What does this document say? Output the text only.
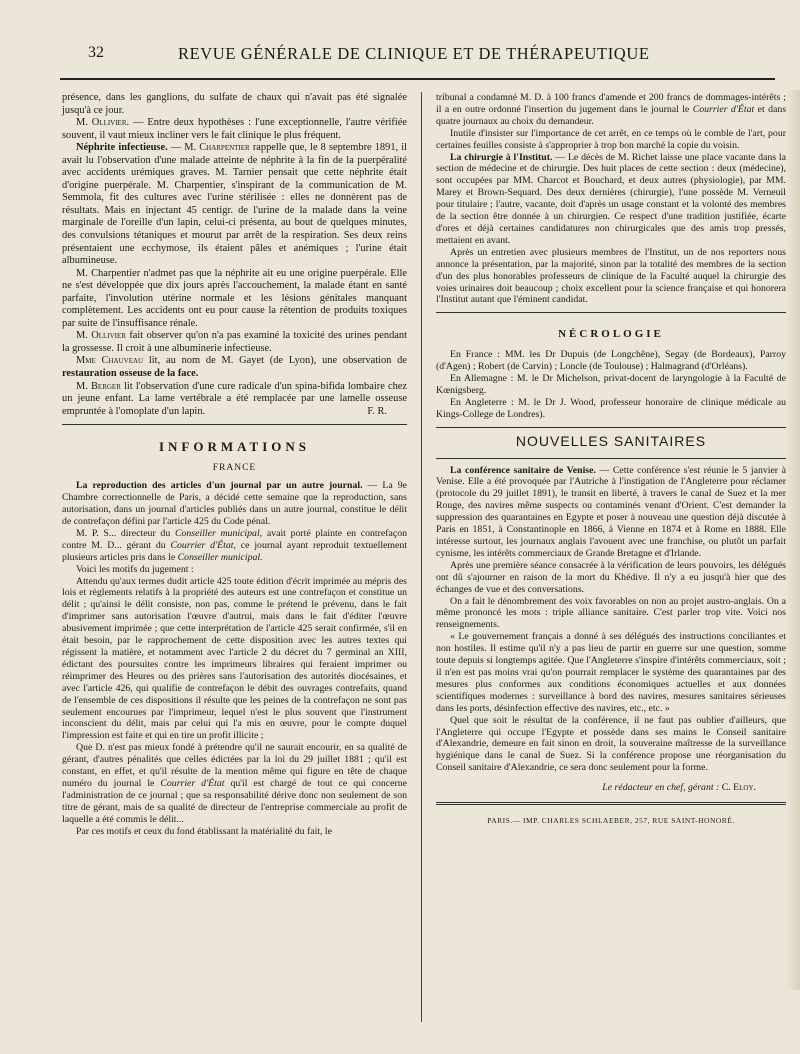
32	REVUE GÉNÉRALE DE CLINIQUE ET DE THÉRAPEUTIQUE

présence, dans les ganglions, du sulfate de chaux qui n'avait pas été signalée jusqu'à ce jour.

M. Ollivier. — Entre deux hypothèses : l'une exceptionnelle, l'autre vérifiée souvent, il vaut mieux incliner vers le fait clinique le plus fréquent.

Néphrite infectieuse. — M. Charpentier rappelle que, le 8 septembre 1891, il avait lu l'observation d'une malade atteinte de néphrite à la fin de la puerpéralité avec accidents urémiques graves. M. Tarnier pensait que cette néphrite était d'origine puerpérale. M. Charpentier, s'inspirant de la communication de M. Semmola, fit des cultures avec l'urine stérilisée : elles ne donnèrent pas de résultats. Mais en injectant 45 centigr. de l'urine de la malade dans la veine marginale de l'oreille d'un lapin, celui-ci présenta, au bout de quelques minutes, des convulsions tétaniques et mourut par arrêt de la respiration. Ses deux reins présentaient une ecchymose, ils étaient pâles et anémiques ; l'urine était albumineuse.

M. Charpentier n'admet pas que la néphrite ait eu une origine puerpérale. Elle ne s'est développée que dix jours après l'accouchement, la malade étant en santé parfaite, l'involution utérine normale et les lésions génitales manquant complètement. Les accidents ont eu pour cause la rétention de produits toxiques par suite de l'insuffisance rénale.

M. Ollivier fait observer qu'on n'a pas examiné la toxicité des urines pendant la grossesse. Il croit à une albuminerie infectieuse.

Mme Chauveau lit, au nom de M. Gayet (de Lyon), une observation de restauration osseuse de la face.

M. Berger lit l'observation d'une cure radicale d'un spina-bifida lombaire chez un jeune enfant. La lame vertébrale a été remplacée par une lamelle osseuse empruntée à l'omoplate d'un lapin.	F. R.

INFORMATIONS
FRANCE

La reproduction des articles d'un journal par un autre journal. — La 9e Chambre correctionnelle de Paris, a décidé cette semaine que la reproduction, sans autorisation, dans un journal d'articles publiés dans un autre journal, constitue le délit de contrefaçon défini par l'article 425 du Code pénal.

M. P. S... directeur du Conseiller municipal, avait porté plainte en contrefaçon contre M. D... gérant du Courrier d'État, ce journal ayant reproduit textuellement plusieurs articles pris dans le Conseiller municipal.

Voici les motifs du jugement :

Attendu qu'aux termes dudit article 425 toute édition d'écrit imprimée au mépris des lois et règlements relatifs à la propriété des auteurs est une contrefaçon et constitue un délit ; qu'ainsi le délit consiste, non pas, comme le prétend le prévenu, dans le fait d'imprimer sans autorisation l'œuvre d'autrui, mais dans le fait d'éditer l'œuvre abusivement imprimée ; que cette interprétation de l'article 425 serait confirmée, s'il en était besoin, par le rapprochement de cette disposition avec les autres textes qui régissent la matière, et notamment avec l'article 2 du décret du 7 germinal an XIII, édictant des poursuites contre les imprimeurs libraires qui feraient imprimer ou réimprimer des Heures ou des prières sans l'autorisation des autorités diocésaines, et avec l'article 426, qui qualifie de contrefaçon le débit des ouvrages contrefaits, quand de l'ensemble de ces dispositions il résulte que les peines de la contrefaçon ne sont pas seulement encourues par l'imprimeur, lequel n'est le plus souvent que l'instrument inconscient du délit, mais par celui qui l'a mis en œuvre, pour le compte duquel l'impression est faite et qui en tire un profit illicite ;

Que D. n'est pas mieux fondé à prétendre qu'il ne saurait encourir, en sa qualité de gérant, d'autres pénalités que celles édictées par la loi du 29 juillet 1881 ; qu'il est constant, en effet, et qu'il résulte de la mention même qui figure en tête de chaque numéro du journal le Courrier d'État qu'il est chargé de tout ce qui concerne l'administration de ce journal ; que sa responsabilité dérive donc non seulement de son titre de gérant, mais de sa qualité de directeur de l'entreprise commerciale au profit de laquelle a été commis le délit...

Par ces motifs et ceux du fond établissant la matérialité du fait, le

tribunal a condamné M. D. à 100 francs d'amende et 200 francs de dommages-intérêts ; il a en outre ordonné l'insertion du jugement dans le journal le Courrier d'État et dans quatre journaux au choix du demandeur.

Inutile d'insister sur l'importance de cet arrêt, en ce temps où le comble de l'art, pour certaines feuilles consiste à s'approprier à trop bon marché la copie du voisin.

La chirurgie à l'Institut. — Le décès de M. Richet laisse une place vacante dans la section de médecine et de chirurgie. Des huit places de cette section : deux (médecine), sont occupées par MM. Charcot et Bouchard, et deux autres (physiologie), par MM. Marey et Brown-Sequard. Des deux dernières (chirurgie), l'une possède M. Verneuil pour titulaire ; l'autre, vacante, doit d'après un usage constant et la volonté des membres de la section être donnée à un chirurgien. Ce respect d'une tradition justifiée, écarte d'ores et déjà certaines candidatures non chirurgicales que des amis trop pressés, mettaient en avant.

Après un entretien avec plusieurs membres de l'Institut, un de nos reporters nous annonce la présentation, par la majorité, sinon par la totalité des membres de la section d'un des plus honorables professeurs de clinique de la Faculté auquel la chirurgie des voies urinaires doit beaucoup ; choix excellent pour la science française et qui honorera l'Institut autant que l'éminent candidat.

NÉCROLOGIE

En France : MM. les Dr Dupuis (de Longchêne), Segay (de Bordeaux), Parroy (d'Agen) ; Robert (de Carvin) ; Loncle (de Toulouse) ; Halmagrand (d'Orléans).

En Allemagne : M. le Dr Michelson, privat-docent de laryngologie à la Faculté de Kœnigsberg.

En Angleterre : M. le Dr J. Wood, professeur honoraire de clinique médicale au Kings-College de Londres).

NOUVELLES SANITAIRES

La conférence sanitaire de Venise. — Cette conférence s'est réunie le 5 janvier à Venise. Elle a été provoquée par l'Autriche à l'instigation de l'Angleterre pour réclamer (protocole du 29 juillet 1891), le transit en liberté, à travers le canal de Suez et la mer Rouge, des navires même suspects ou contaminés venant d'Orient. C'est demander la suppression des quarantaines en Egypte et poser à nouveau une question déjà discutée à Paris en 1851, à Constantinople en 1866, à Vienne en 1874 et à Rome en 1888. Elle intéresse surtout, les journaux anglais l'avouent avec une franchise, ou plutôt un parfait cynisme, les intérêts commerciaux de Grande Bretagne et d'Irlande.

Après une première séance consacrée à la vérification de leurs pouvoirs, les délégués ont dû s'ajourner en raison de la mort du Khédive. Il n'y a eu jusqu'à hier que des échanges de vue et des conversations.

On a fait le dénombrement des voix favorables on non au projet austro-anglais. On a même prononcé les mots : triple alliance sanitaire. C'est parler trop vite. Voici nos renseignements.

« Le gouvernement français a donné à ses délégués des instructions conciliantes et non hostiles. Il estime qu'il n'y a pas lieu de partir en guerre sur une question, somme toute depuis si longtemps agitée. Que l'Angleterre s'inspire d'intérêts commerciaux, soit ; il n'en est pas moins vrai qu'on pourrait remplacer le système des quarantaines par des mesures plus conformes aux conditions économiques actuelles et aux données scientifiques modernes : surveillance à bord des navires, mesures sanitaires sérieuses dans les ports, désinfection effective des navires, etc., etc. »

Quel que soit le résultat de la conférence, il ne faut pas oublier d'ailleurs, que l'Angleterre qui occupe l'Egypte et possède dans ses mains le Conseil sanitaire d'Alexandrie, demeure en fait sinon en droit, la souveraine maîtresse de la surveillance hygiénique dans le canal de Suez. Si la conférence propose une réorganisation du Conseil sanitaire d'Alexandrie, ce sera donc seulement pour la forme.

Le rédacteur en chef, gérant : C. Eloy.
PARIS.— IMP. CHARLES SCHLAEBER, 257, RUE SAINT-HONORÉ.
